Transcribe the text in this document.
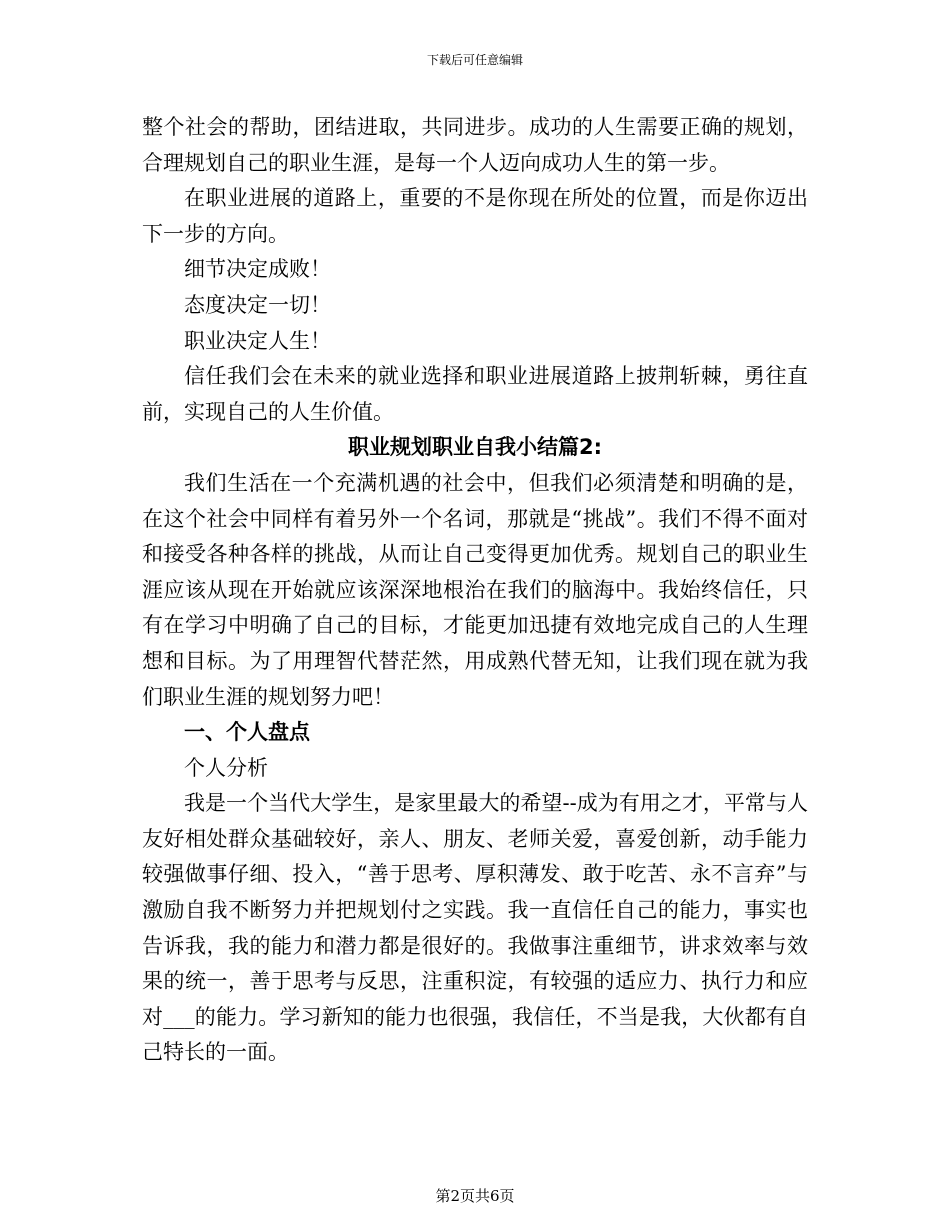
下载后可任意编辑

整个社会的帮助，团结进取，共同进步。成功的人生需要正确的规划，合理规划自己的职业生涯，是每一个人迈向成功人生的第一步。

在职业进展的道路上，重要的不是你现在所处的位置，而是你迈出下一步的方向。

细节决定成败！

态度决定一切！

职业决定人生！

信任我们会在未来的就业选择和职业进展道路上披荆斩棘，勇往直前，实现自己的人生价值。

职业规划职业自我小结篇2:

我们生活在一个充满机遇的社会中，但我们必须清楚和明确的是，在这个社会中同样有着另外一个名词，那就是“挑战”。我们不得不面对和接受各种各样的挑战，从而让自己变得更加优秀。规划自己的职业生涯应该从现在开始就应该深深地根治在我们的脑海中。我始终信任，只有在学习中明确了自己的目标，才能更加迅捷有效地完成自己的人生理想和目标。为了用理智代替茫然，用成熟代替无知，让我们现在就为我们职业生涯的规划努力吧！

一、个人盘点

个人分析

我是一个当代大学生，是家里最大的希望--成为有用之才，平常与人友好相处群众基础较好，亲人、朋友、老师关爱，喜爱创新，动手能力较强做事仔细、投入，“善于思考、厚积薄发、敢于吃苦、永不言弃”与激励自我不断努力并把规划付之实践。我一直信任自己的能力，事实也告诉我，我的能力和潜力都是很好的。我做事注重细节，讲求效率与效果的统一，善于思考与反思，注重积淀，有较强的适应力、执行力和应对___的能力。学习新知的能力也很强，我信任，不当是我，大伙都有自己特长的一面。

第2页共6页
